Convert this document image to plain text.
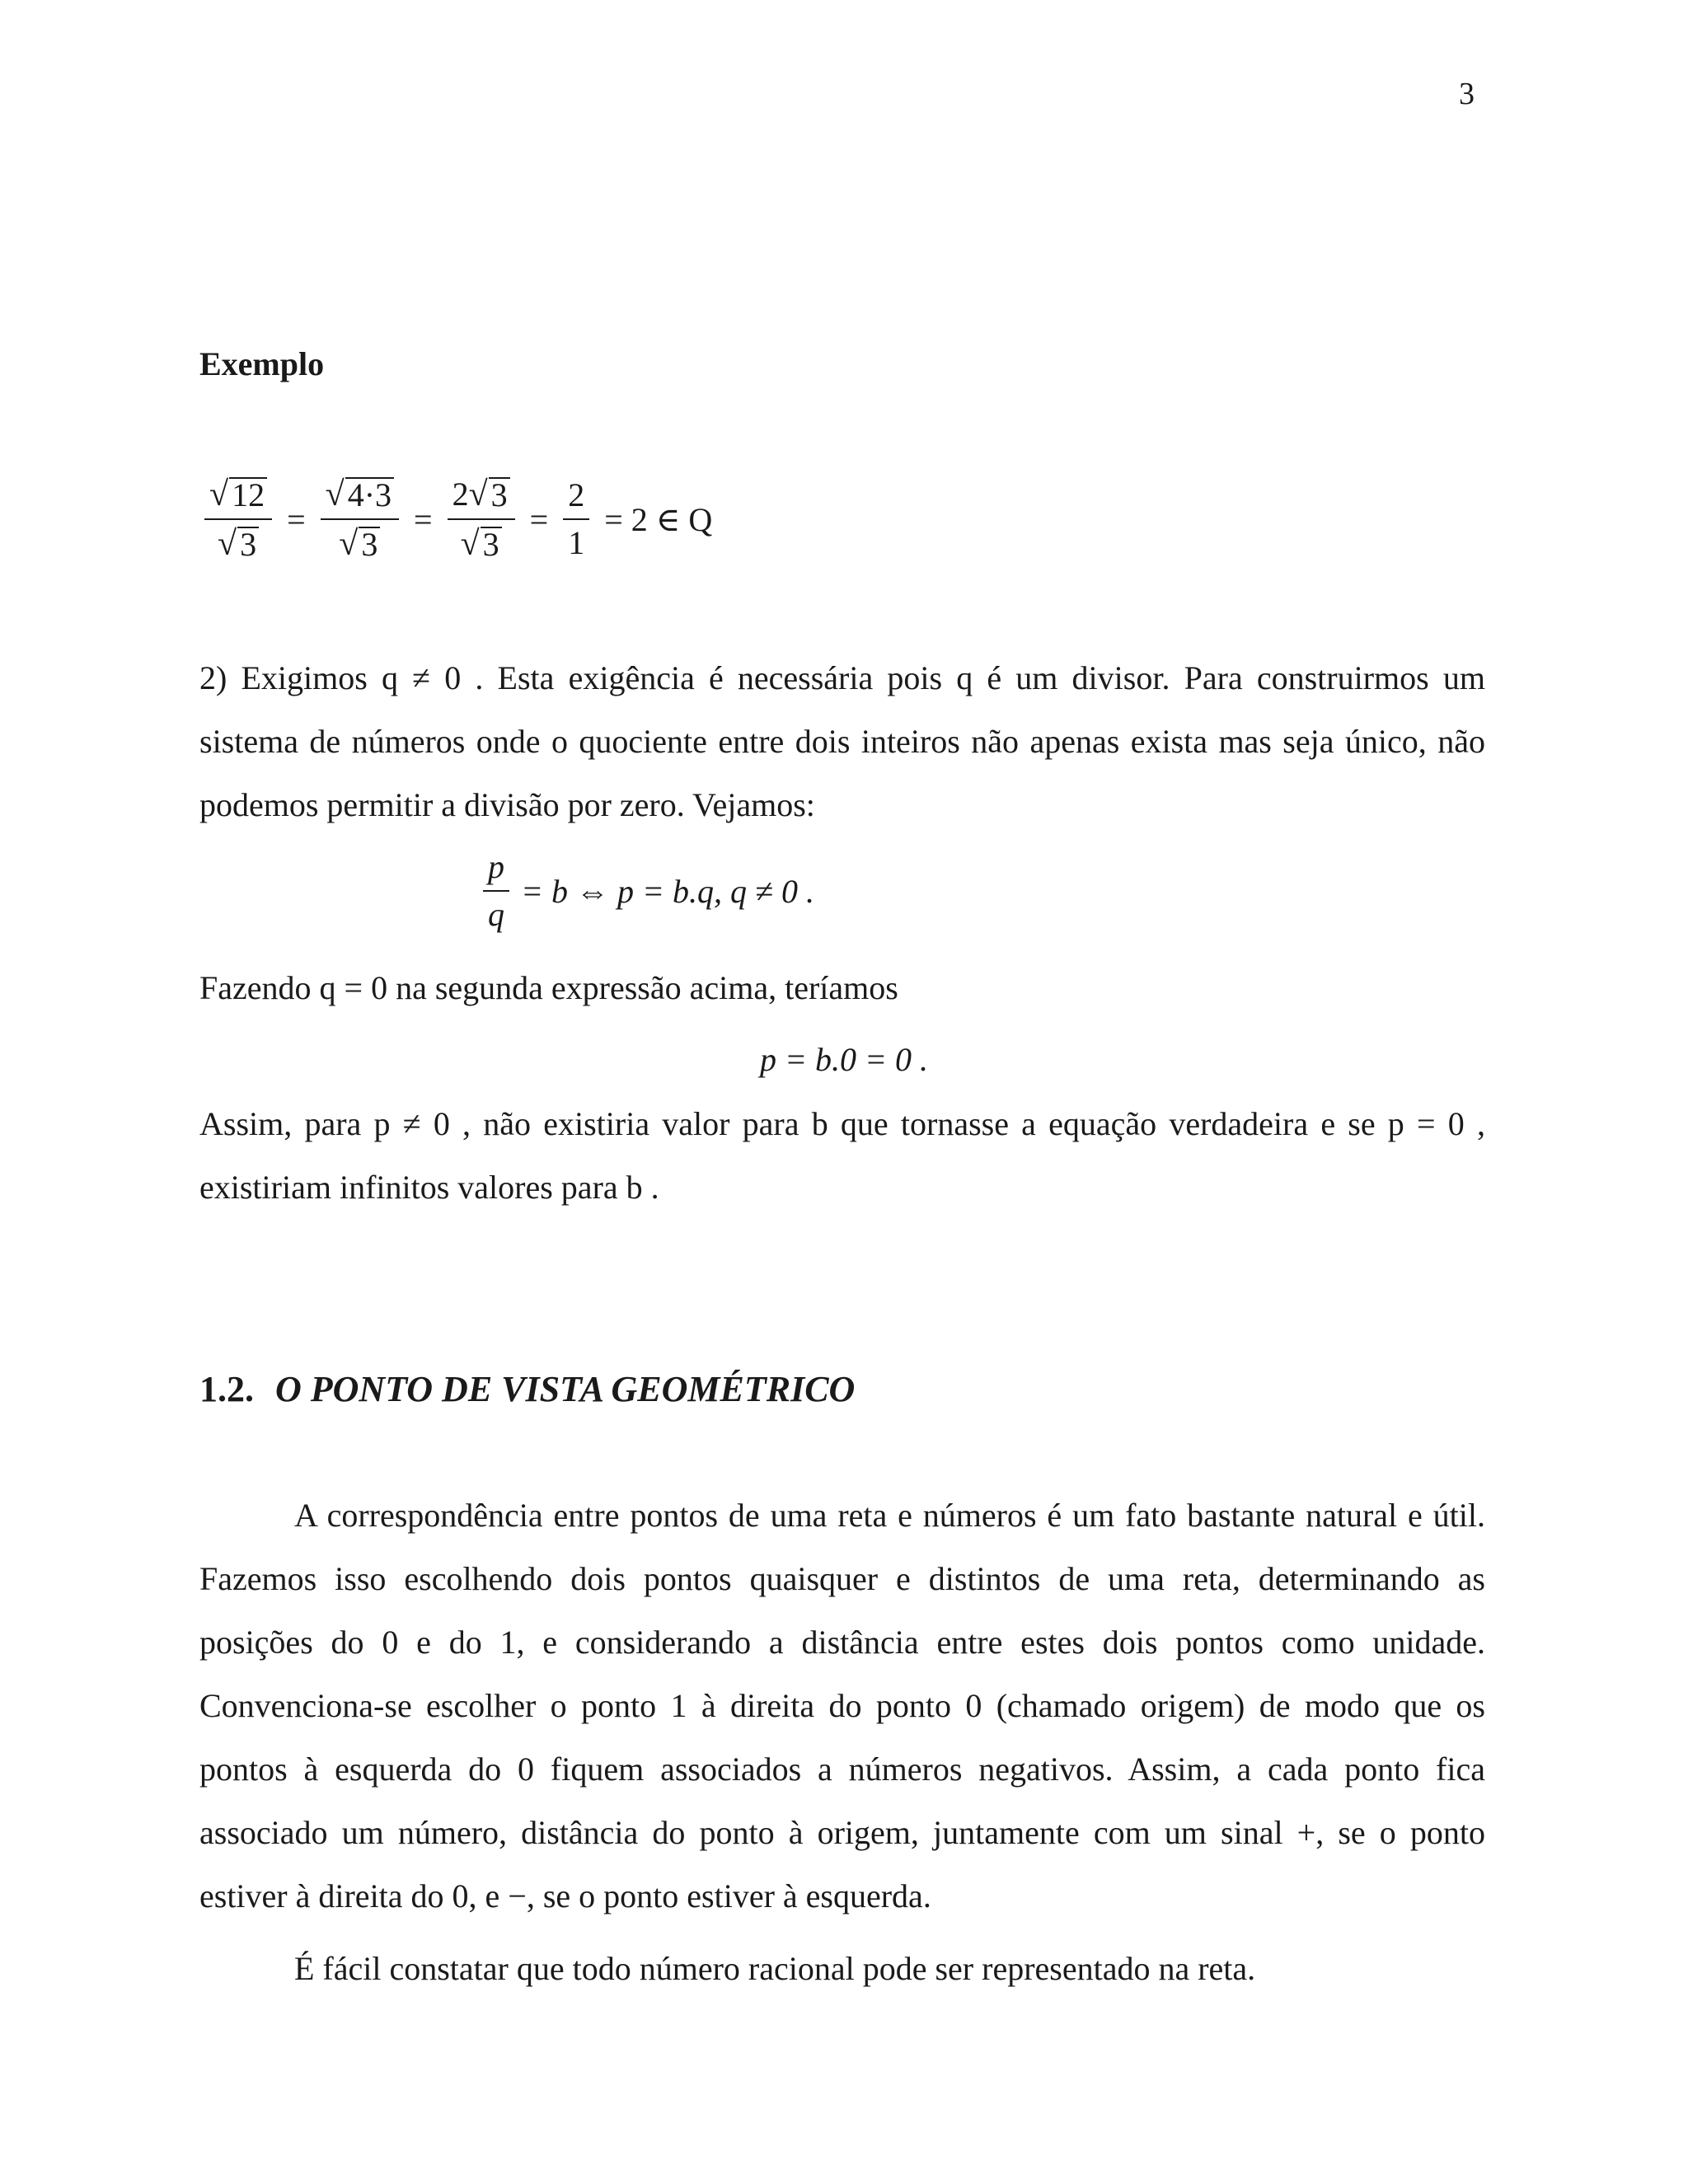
3
Exemplo
$\frac{√ 12}{√ 3} = \frac{√ 4\cdot 3}{√ 3} = \frac{2 √ 3}{√ 3} = \frac{2}{1} = 2$ ∈ Q
2) Exigimos q ≠ 0 . Esta exigência é necessária pois q é um divisor. Para construirmos um sistema de números onde o quociente entre dois inteiros não apenas exista mas seja único, não podemos permitir a divisão por zero. Vejamos:
$\frac{p}{q} = b$ ⇔ p = b.q, q ≠ 0 .
Fazendo q = 0 na segunda expressão acima, teríamos
p = b.0 = 0 .
Assim, para p ≠ 0 , não existiria valor para b que tornasse a equação verdadeira e se p = 0 , existiriam infinitos valores para b .
1.2. O PONTO DE VISTA GEOMÉTRICO
A correspondência entre pontos de uma reta e números é um fato bastante natural e útil. Fazemos isso escolhendo dois pontos quaisquer e distintos de uma reta, determinando as posições do 0 e do 1, e considerando a distância entre estes dois pontos como unidade. Convenciona-se escolher o ponto 1 à direita do ponto 0 (chamado origem) de modo que os pontos à esquerda do 0 fiquem associados a números negativos. Assim, a cada ponto fica associado um número, distância do ponto à origem, juntamente com um sinal +, se o ponto estiver à direita do 0, e −, se o ponto estiver à esquerda.
É fácil constatar que todo número racional pode ser representado na reta.
